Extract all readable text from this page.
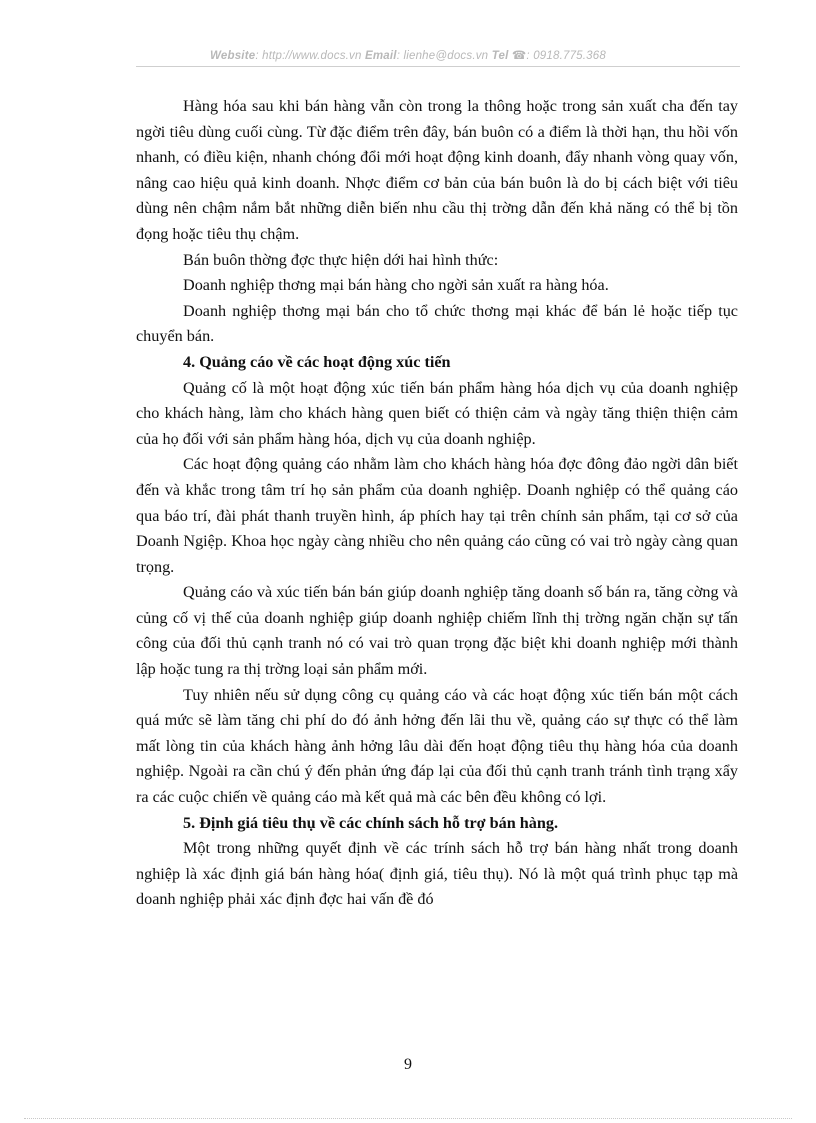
Website: http://www.docs.vn Email: lienhe@docs.vn Tel ☎: 0918.775.368

Hàng hóa sau khi bán hàng vẫn còn trong la thông hoặc trong sản xuất cha đến tay ngời tiêu dùng cuối cùng. Từ đặc điểm trên đây, bán buôn có a điểm là thời hạn, thu hồi vốn nhanh, có điều kiện, nhanh chóng đổi mới hoạt động kinh doanh, đẩy nhanh vòng quay vốn, nâng cao hiệu quả kinh doanh. Nhợc điểm cơ bản của bán buôn là do bị cách biệt với tiêu dùng nên chậm nắm bắt những diễn biến nhu cầu thị trờng dẫn đến khả năng có thể bị tồn đọng hoặc tiêu thụ chậm.

Bán buôn thờng đợc thực hiện dới hai hình thức:

Doanh nghiệp thơng mại bán hàng cho ngời sản xuất ra hàng hóa.

Doanh nghiệp thơng mại bán cho tổ chức thơng mại khác để bán lẻ hoặc tiếp tục chuyển bán.

4. Quảng cáo về các hoạt động xúc tiến

Quảng cố là một hoạt động xúc tiến bán phẩm hàng hóa dịch vụ của doanh nghiệp cho khách hàng, làm cho khách hàng quen biết có thiện cảm và ngày tăng thiện thiện cảm của họ đối với sản phẩm hàng hóa, dịch vụ của doanh nghiệp.

Các hoạt động quảng cáo nhằm làm cho khách hàng hóa đợc đông đảo ngời dân biết đến và khắc trong tâm trí họ sản phẩm của doanh nghiệp. Doanh nghiệp có thể quảng cáo qua báo trí, đài phát thanh truyền hình, áp phích hay tại trên chính sản phẩm, tại cơ sở của Doanh Ngiệp. Khoa học ngày càng nhiều cho nên quảng cáo cũng có vai trò ngày càng quan trọng.

Quảng cáo và xúc tiến bán bán giúp doanh nghiệp tăng doanh số bán ra, tăng cờng và củng cố vị thế của doanh nghiệp giúp doanh nghiệp chiếm lĩnh thị trờng ngăn chặn sự tấn công của đối thủ cạnh tranh nó có vai trò quan trọng đặc biệt khi doanh nghiệp mới thành lập hoặc tung ra thị trờng loại sản phẩm mới.

Tuy nhiên nếu sử dụng công cụ quảng cáo và các hoạt động xúc tiến bán một cách quá mức sẽ làm tăng chi phí do đó ảnh hởng đến lãi thu về, quảng cáo sự thực có thể làm mất lòng tin của khách hàng ảnh hởng lâu dài đến hoạt động tiêu thụ hàng hóa của doanh nghiệp. Ngoài ra cần chú ý đến phản ứng đáp lại của đối thủ cạnh tranh tránh tình trạng xẩy ra các cuộc chiến về quảng cáo mà kết quả mà các bên đều không có lợi.

5. Định giá tiêu thụ về các chính sách hỗ trợ bán hàng.

Một trong những quyết định về các trính sách hỗ trợ bán hàng nhất trong doanh nghiệp là xác định giá bán hàng hóa( định giá, tiêu thụ). Nó là một quá trình phục tạp mà doanh nghiệp phải xác định đợc hai vấn đề đó

9
